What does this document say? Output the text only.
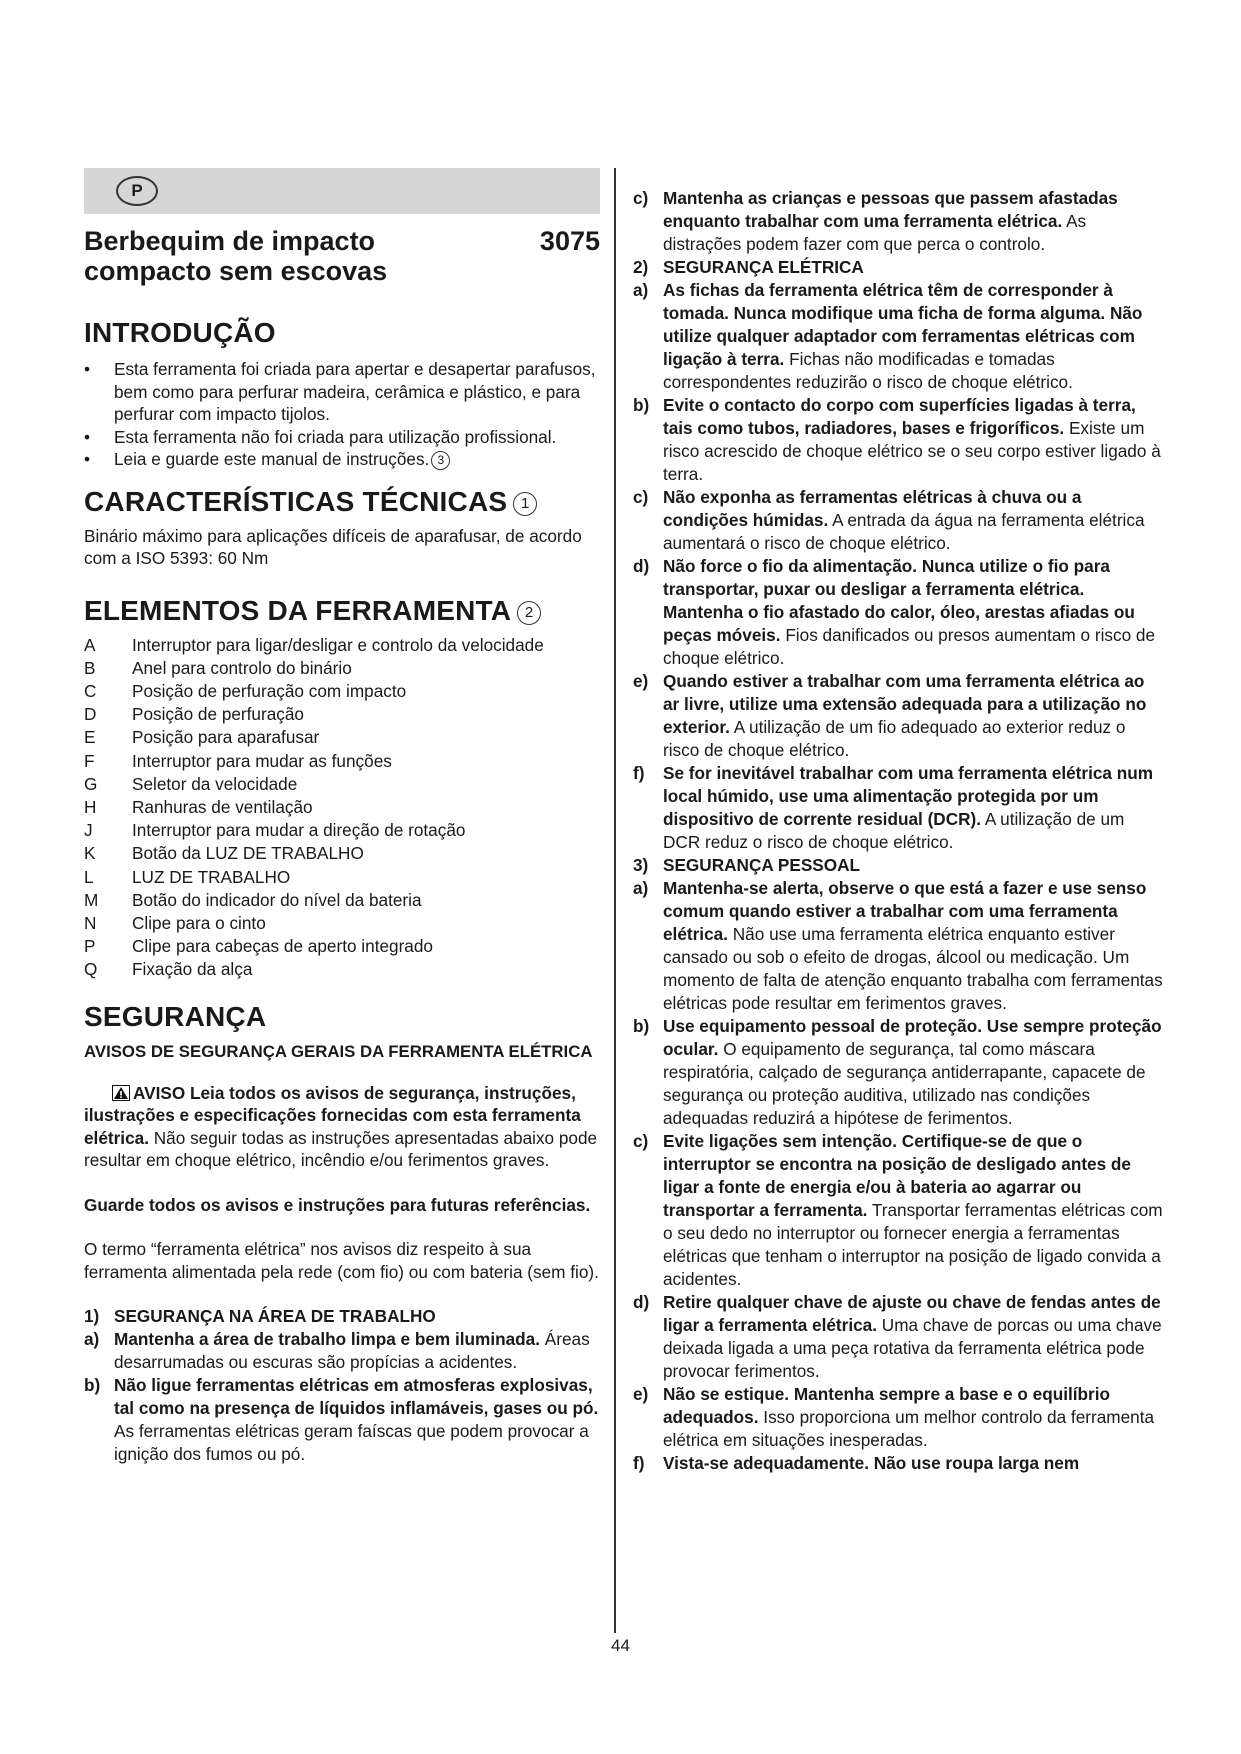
P
Berbequim de impacto compacto sem escovas
3075
INTRODUÇÃO
• Esta ferramenta foi criada para apertar e desapertar parafusos, bem como para perfurar madeira, cerâmica e plástico, e para perfurar com impacto tijolos.
• Esta ferramenta não foi criada para utilização profissional.
• Leia e guarde este manual de instruções. 3
CARACTERÍSTICAS TÉCNICAS 1

Binário máximo para aplicações difíceis de aparafusar, de acordo com a ISO 5393: 60 Nm

ELEMENTOS DA FERRAMENTA 2
A	Interruptor para ligar/desligar e controlo da velocidade
B	Anel para controlo do binário
C	Posição de perfuração com impacto
D	Posição de perfuração
E	Posição para aparafusar
F	Interruptor para mudar as funções
G	Seletor da velocidade
H	Ranhuras de ventilação
J	Interruptor para mudar a direção de rotação
K	Botão da LUZ DE TRABALHO
L	LUZ DE TRABALHO
M	Botão do indicador do nível da bateria
N	Clipe para o cinto
P	Clipe para cabeças de aperto integrado
Q	Fixação da alça
SEGURANÇA

AVISOS DE SEGURANÇA GERAIS DA FERRAMENTA ELÉTRICA

AVISO Leia todos os avisos de segurança, instruções, ilustrações e especificações fornecidas com esta ferramenta elétrica. Não seguir todas as instruções apresentadas abaixo pode resultar em choque elétrico, incêndio e/ou ferimentos graves.

Guarde todos os avisos e instruções para futuras referências.

O termo “ferramenta elétrica” nos avisos diz respeito à sua ferramenta alimentada pela rede (com fio) ou com bateria (sem fio).

1) SEGURANÇA NA ÁREA DE TRABALHO
a) Mantenha a área de trabalho limpa e bem iluminada. Áreas desarrumadas ou escuras são propícias a acidentes.
b) Não ligue ferramentas elétricas em atmosferas explosivas, tal como na presença de líquidos inflamáveis, gases ou pó. As ferramentas elétricas geram faíscas que podem provocar a ignição dos fumos ou pó.
c) Mantenha as crianças e pessoas que passem afastadas enquanto trabalhar com uma ferramenta elétrica. As distrações podem fazer com que perca o controlo.
2) SEGURANÇA ELÉTRICA
a) As fichas da ferramenta elétrica têm de corresponder à tomada. Nunca modifique uma ficha de forma alguma. Não utilize qualquer adaptador com ferramentas elétricas com ligação à terra. Fichas não modificadas e tomadas correspondentes reduzirão o risco de choque elétrico.
b) Evite o contacto do corpo com superfícies ligadas à terra, tais como tubos, radiadores, bases e frigoríficos. Existe um risco acrescido de choque elétrico se o seu corpo estiver ligado à terra.
c) Não exponha as ferramentas elétricas à chuva ou a condições húmidas. A entrada da água na ferramenta elétrica aumentará o risco de choque elétrico.
d) Não force o fio da alimentação. Nunca utilize o fio para transportar, puxar ou desligar a ferramenta elétrica. Mantenha o fio afastado do calor, óleo, arestas afiadas ou peças móveis. Fios danificados ou presos aumentam o risco de choque elétrico.
e) Quando estiver a trabalhar com uma ferramenta elétrica ao ar livre, utilize uma extensão adequada para a utilização no exterior. A utilização de um fio adequado ao exterior reduz o risco de choque elétrico.
f) Se for inevitável trabalhar com uma ferramenta elétrica num local húmido, use uma alimentação protegida por um dispositivo de corrente residual (DCR). A utilização de um DCR reduz o risco de choque elétrico.
3) SEGURANÇA PESSOAL
a) Mantenha-se alerta, observe o que está a fazer e use senso comum quando estiver a trabalhar com uma ferramenta elétrica. Não use uma ferramenta elétrica enquanto estiver cansado ou sob o efeito de drogas, álcool ou medicação. Um momento de falta de atenção enquanto trabalha com ferramentas elétricas pode resultar em ferimentos graves.
b) Use equipamento pessoal de proteção. Use sempre proteção ocular. O equipamento de segurança, tal como máscara respiratória, calçado de segurança antiderrapante, capacete de segurança ou proteção auditiva, utilizado nas condições adequadas reduzirá a hipótese de ferimentos.
c) Evite ligações sem intenção. Certifique-se de que o interruptor se encontra na posição de desligado antes de ligar a fonte de energia e/ou à bateria ao agarrar ou transportar a ferramenta. Transportar ferramentas elétricas com o seu dedo no interruptor ou fornecer energia a ferramentas elétricas que tenham o interruptor na posição de ligado convida a acidentes.
d) Retire qualquer chave de ajuste ou chave de fendas antes de ligar a ferramenta elétrica. Uma chave de porcas ou uma chave deixada ligada a uma peça rotativa da ferramenta elétrica pode provocar ferimentos.
e) Não se estique. Mantenha sempre a base e o equilíbrio adequados. Isso proporciona um melhor controlo da ferramenta elétrica em situações inesperadas.
f) Vista-se adequadamente. Não use roupa larga nem
44
